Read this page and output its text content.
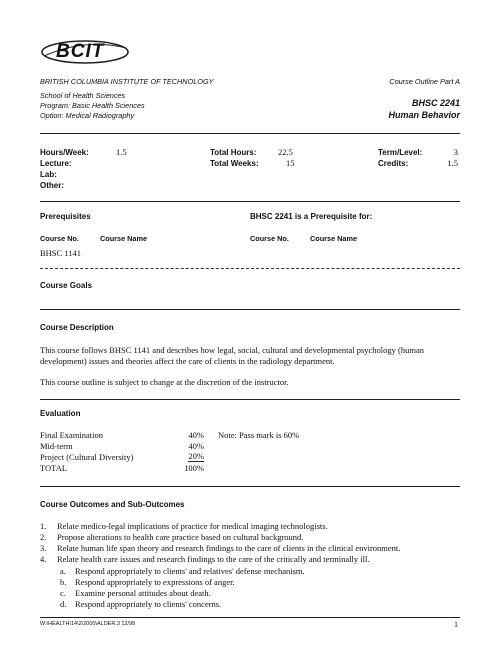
BCIT
BRITISH COLUMBIA INSTITUTE OF TECHNOLOGY
School of Health Sciences
Program: Basic Health Sciences
Option: Medical Radiography
Course Outline Part A
BHSC 2241
Human Behavior
Hours/Week:	1.5
Lecture:
Lab:
Other:
Total Hours:	22.5
Total Weeks:	15
Term/Level:	3
Credits:	1.5
Prerequisites	BHSC 2241 is a Prerequisite for:
Course No.	Course Name	Course No.	Course Name
BHSC 1141
Course Goals
Course Description
This course follows BHSC 1141 and describes how legal, social, cultural and developmental psychology (human
development) issues and theories affect the care of clients in the radiology department.
This course outline is subject to change at the discretion of the instructor.
Evaluation
Final Examination	40%
Mid-term	40%
Project (Cultural Diversity)	20%
TOTAL	100%
Note: Pass mark is 60%
Course Outcomes and Sub-Outcomes
1. Relate medico-legal implications of practice for medical imaging technologists.
2. Propose alterations to health care practice based on cultural background.
3. Relate human life span theory and research findings to the care of clients in the clinical environment.
4. Relate health care issues and research findings to the care of the critically and terminally ill.
a. Respond appropriately to clients' and relatives' defense mechanism.
b. Respond appropriately to expressions of anger.
c. Examine personal attitudes about death.
d. Respond appropriately to clients' concerns.
W:\HEALTH\14\2\2000\ALDER.3 12/98	1
